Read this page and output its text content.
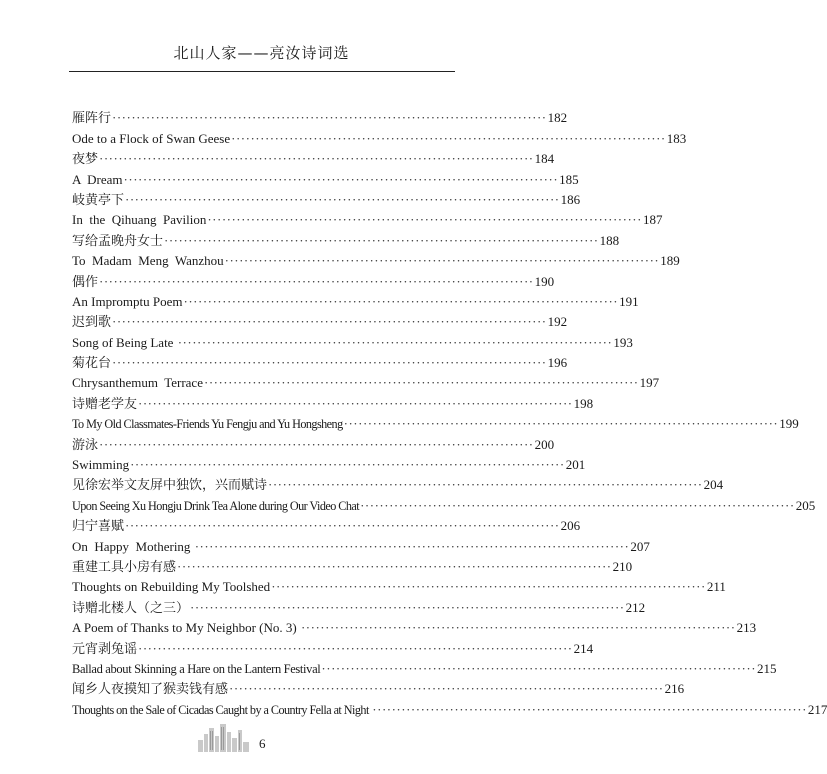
北山人家——亮汝诗词选
雁阵行 ·························································································· 182
Ode to a Flock of Swan Geese ·························································································· 183
夜梦 ·························································································· 184
A  Dream ·························································································· 185
岐黄亭下 ·························································································· 186
In  the  Qihuang  Pavilion ·························································································· 187
写给孟晚舟女士 ·························································································· 188
To  Madam  Meng  Wanzhou ·························································································· 189
偶作 ·························································································· 190
An Impromptu Poem ·························································································· 191
迟到歌 ·························································································· 192
Song of Being Late ·························································································· 193
菊花台 ·························································································· 196
Chrysanthemum  Terrace ·························································································· 197
诗赠老学友 ·························································································· 198
To My Old Classmates-Friends Yu Fengju and Yu Hongsheng ·························································································· 199
游泳 ·························································································· 200
Swimming ·························································································· 201
见徐宏举文友屏中独饮，兴而赋诗 ·························································································· 204
Upon Seeing Xu Hongju Drink Tea Alone during Our Video Chat ·························································································· 205
归宁喜赋 ·························································································· 206
On  Happy  Mothering ·························································································· 207
重建工具小房有感 ·························································································· 210
Thoughts on Rebuilding My Toolshed ·························································································· 211
诗赠北楼人（之三） ·························································································· 212
A Poem of Thanks to My Neighbor (No. 3) ·························································································· 213
元宵剥兔谣 ·························································································· 214
Ballad about Skinning a Hare on the Lantern Festival ·························································································· 215
闻乡人夜摸知了猴卖钱有感 ·························································································· 216
Thoughts on the Sale of Cicadas Caught by a Country Fella at Night ·························································································· 217
6
